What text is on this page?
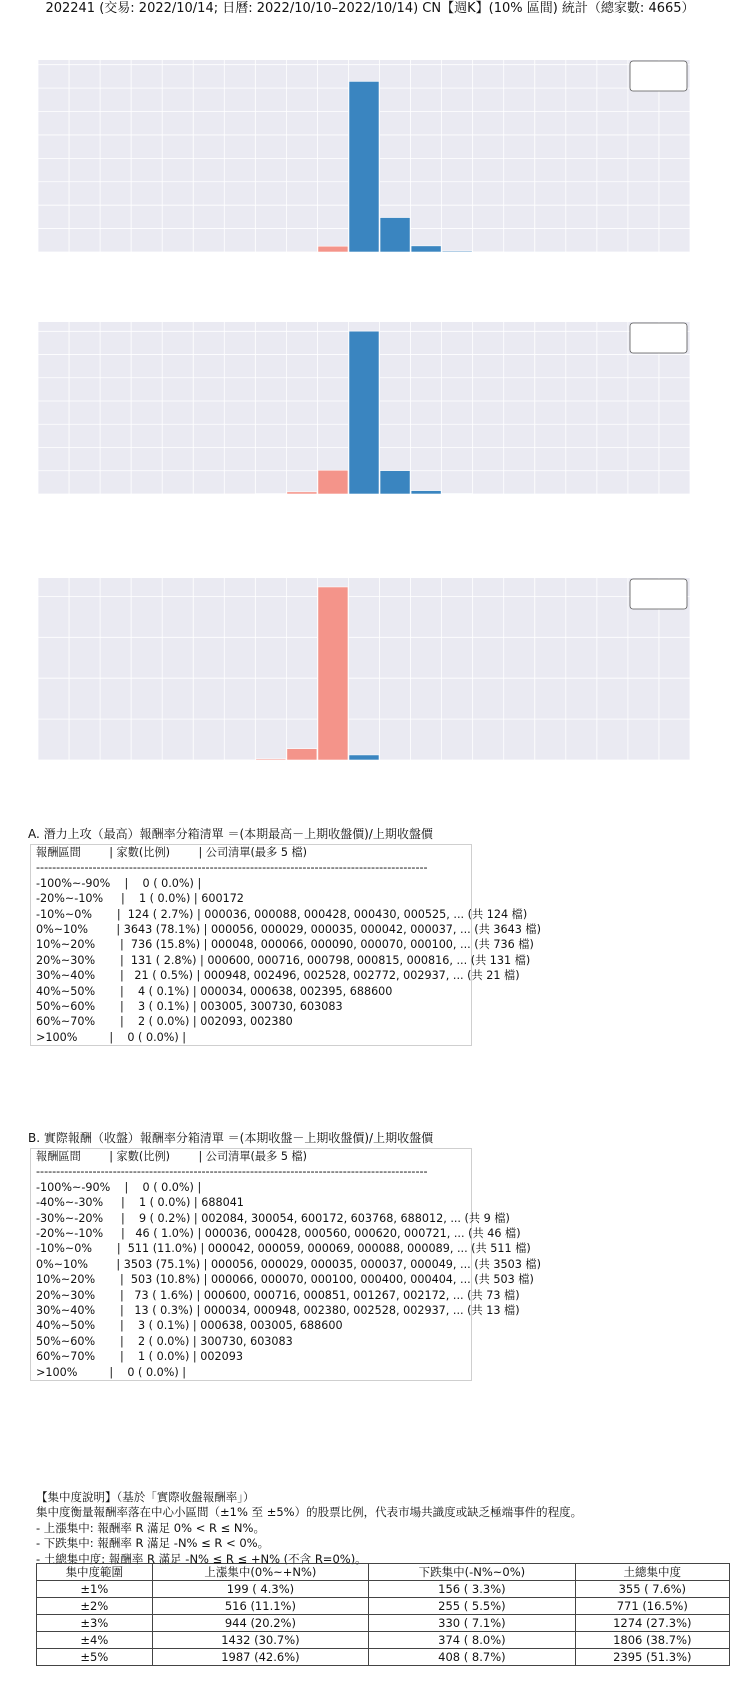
202241 (交易: 2022/10/14; 日曆: 2022/10/10–2022/10/14) CN【週K】(10% 區間) 統計（總家數: 4665）
A. 潛力上攻（最高）報酬率分箱清單 ＝(本期最高－上期收盤價)/上期收盤價
報酬區間        | 家數(比例)        | 公司清單(最多 5 檔)
-------------------------------------------------------------------------------------------------
-100%~-90%    |    0 ( 0.0%) |
-20%~-10%     |    1 ( 0.0%) | 600172
-10%~0%       |  124 ( 2.7%) | 000036, 000088, 000428, 000430, 000525, ... (共 124 檔)
0%~10%        | 3643 (78.1%) | 000056, 000029, 000035, 000042, 000037, ... (共 3643 檔)
10%~20%       |  736 (15.8%) | 000048, 000066, 000090, 000070, 000100, ... (共 736 檔)
20%~30%       |  131 ( 2.8%) | 000600, 000716, 000798, 000815, 000816, ... (共 131 檔)
30%~40%       |   21 ( 0.5%) | 000948, 002496, 002528, 002772, 002937, ... (共 21 檔)
40%~50%       |    4 ( 0.1%) | 000034, 000638, 002395, 688600
50%~60%       |    3 ( 0.1%) | 003005, 300730, 603083
60%~70%       |    2 ( 0.0%) | 002093, 002380
>100%         |    0 ( 0.0%) |
B. 實際報酬（收盤）報酬率分箱清單 ＝(本期收盤－上期收盤價)/上期收盤價
報酬區間        | 家數(比例)        | 公司清單(最多 5 檔)
-------------------------------------------------------------------------------------------------
-100%~-90%    |    0 ( 0.0%) |
-40%~-30%     |    1 ( 0.0%) | 688041
-30%~-20%     |    9 ( 0.2%) | 002084, 300054, 600172, 603768, 688012, ... (共 9 檔)
-20%~-10%     |   46 ( 1.0%) | 000036, 000428, 000560, 000620, 000721, ... (共 46 檔)
-10%~0%       |  511 (11.0%) | 000042, 000059, 000069, 000088, 000089, ... (共 511 檔)
0%~10%        | 3503 (75.1%) | 000056, 000029, 000035, 000037, 000049, ... (共 3503 檔)
10%~20%       |  503 (10.8%) | 000066, 000070, 000100, 000400, 000404, ... (共 503 檔)
20%~30%       |   73 ( 1.6%) | 000600, 000716, 000851, 001267, 002172, ... (共 73 檔)
30%~40%       |   13 ( 0.3%) | 000034, 000948, 002380, 002528, 002937, ... (共 13 檔)
40%~50%       |    3 ( 0.1%) | 000638, 003005, 688600
50%~60%       |    2 ( 0.0%) | 300730, 603083
60%~70%       |    1 ( 0.0%) | 002093
>100%         |    0 ( 0.0%) |
【集中度說明】（基於「實際收盤報酬率」）
集中度衡量報酬率落在中心小區間（±1% 至 ±5%）的股票比例，代表市場共識度或缺乏極端事件的程度。
- 上漲集中: 報酬率 R 滿足 0% < R ≤ N%。
- 下跌集中: 報酬率 R 滿足 -N% ≤ R < 0%。
- 土總集中度: 報酬率 R 滿足 -N% ≤ R ≤ +N% (不含 R=0%)。
集中度範圍	上漲集中(0%~+N%)	下跌集中(-N%~0%)	土總集中度
±1%	199 ( 4.3%)	156 ( 3.3%)	355 ( 7.6%)
±2%	516 (11.1%)	255 ( 5.5%)	771 (16.5%)
±3%	944 (20.2%)	330 ( 7.1%)	1274 (27.3%)
±4%	1432 (30.7%)	374 ( 8.0%)	1806 (38.7%)
±5%	1987 (42.6%)	408 ( 8.7%)	2395 (51.3%)
